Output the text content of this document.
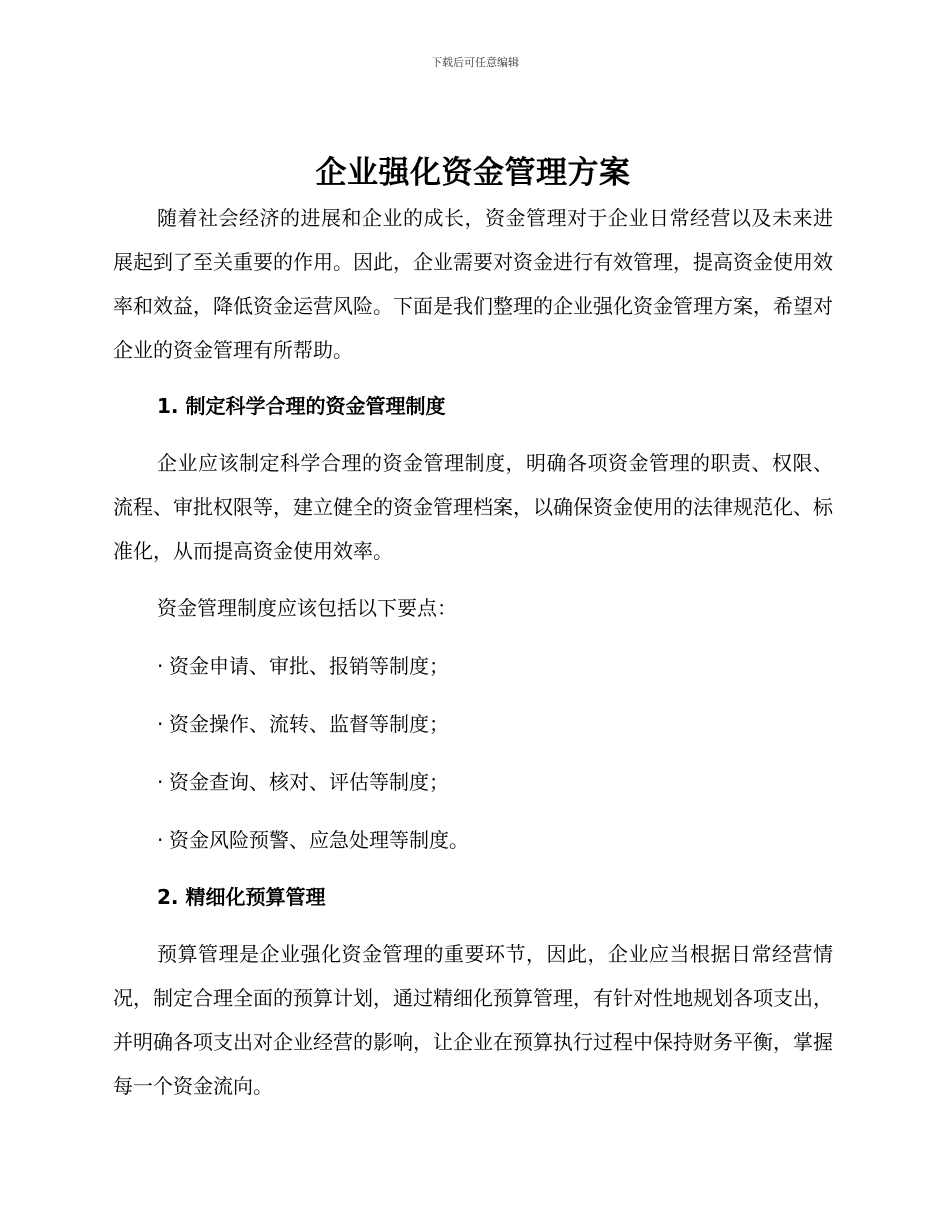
下载后可任意编辑
企业强化资金管理方案

随着社会经济的进展和企业的成长，资金管理对于企业日常经营以及未来进展起到了至关重要的作用。因此，企业需要对资金进行有效管理，提高资金使用效率和效益，降低资金运营风险。下面是我们整理的企业强化资金管理方案，希望对企业的资金管理有所帮助。

1. 制定科学合理的资金管理制度

企业应该制定科学合理的资金管理制度，明确各项资金管理的职责、权限、流程、审批权限等，建立健全的资金管理档案，以确保资金使用的法律规范化、标准化，从而提高资金使用效率。

资金管理制度应该包括以下要点：

· 资金申请、审批、报销等制度；
· 资金操作、流转、监督等制度；
· 资金查询、核对、评估等制度；
· 资金风险预警、应急处理等制度。
2. 精细化预算管理

预算管理是企业强化资金管理的重要环节，因此，企业应当根据日常经营情况，制定合理全面的预算计划，通过精细化预算管理，有针对性地规划各项支出，并明确各项支出对企业经营的影响，让企业在预算执行过程中保持财务平衡，掌握每一个资金流向。
